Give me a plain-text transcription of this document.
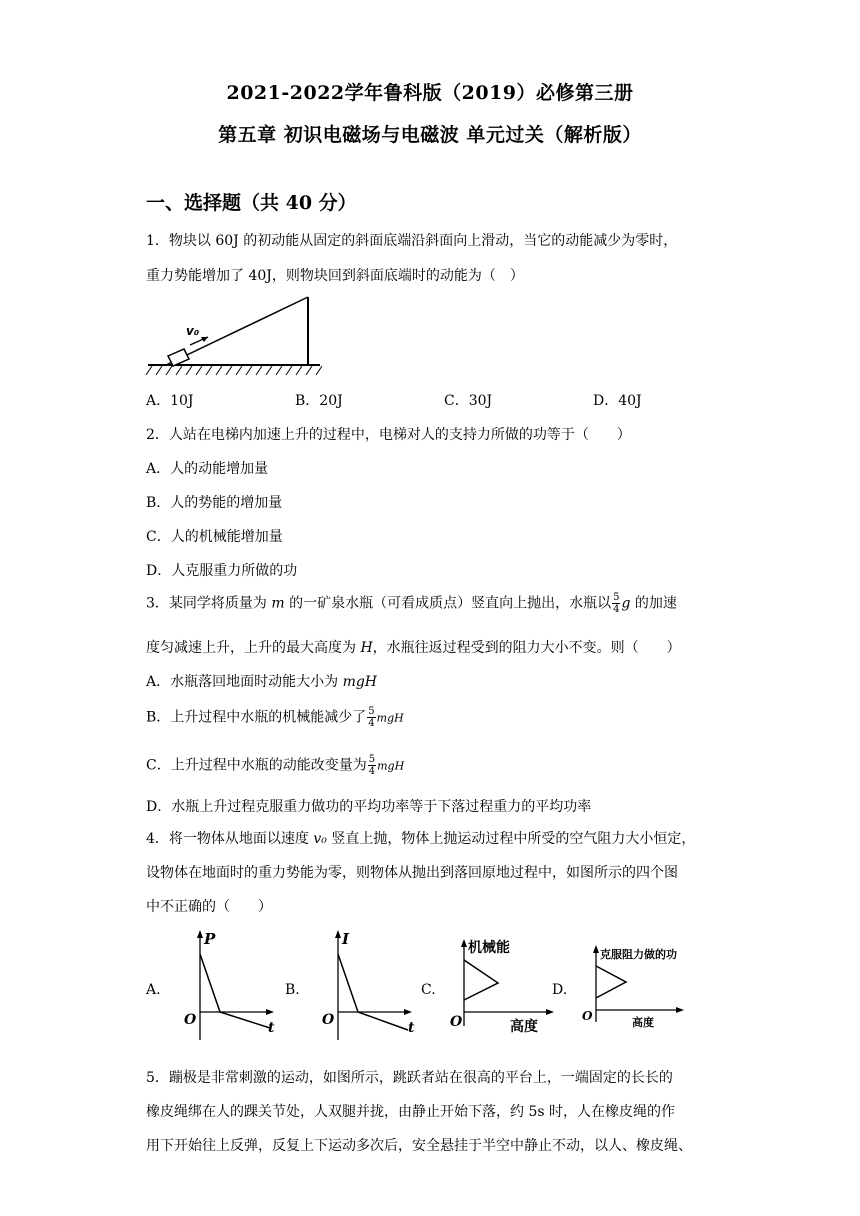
2021-2022学年鲁科版（2019）必修第三册
第五章 初识电磁场与电磁波 单元过关（解析版）
一、选择题（共 40 分）
1．物块以 60J 的初动能从固定的斜面底端沿斜面向上滑动，当它的动能减少为零时，
重力势能增加了 40J，则物块回到斜面底端时的动能为（　）
v₀
A．10J	B．20J	C．30J	D．40J
2．人站在电梯内加速上升的过程中，电梯对人的支持力所做的功等于（　　）
A．人的动能增加量
B．人的势能的增加量
C．人的机械能增加量
D．人克服重力所做的功
3．某同学将质量为 m 的一矿泉水瓶（可看成质点）竖直向上抛出，水瓶以 $\frac{5}{4}$ g 的加速
度匀减速上升，上升的最大高度为 H，水瓶往返过程受到的阻力大小不变。则（　　）
A．水瓶落回地面时动能大小为 mgH
B．上升过程中水瓶的机械能减少了 $\frac{5}{4}$ mgH
C．上升过程中水瓶的动能改变量为 $\frac{5}{4}$ mgH
D．水瓶上升过程克服重力做功的平均功率等于下落过程重力的平均功率
4．将一物体从地面以速度 v₀ 竖直上抛，物体上抛运动过程中所受的空气阻力大小恒定，
设物体在地面时的重力势能为零，则物体从抛出到落回原地过程中，如图所示的四个图
中不正确的（　　）
A.
P
t
O
B.
I
t
O
C.
机械能
高度
O
D.
克服阻力做的功
高度
O
5．蹦极是非常刺激的运动，如图所示，跳跃者站在很高的平台上，一端固定的长长的
橡皮绳绑在人的踝关节处，人双腿并拢，由静止开始下落，约 5s 时，人在橡皮绳的作
用下开始往上反弹，反复上下运动多次后，安全悬挂于半空中静止不动，以人、橡皮绳、
